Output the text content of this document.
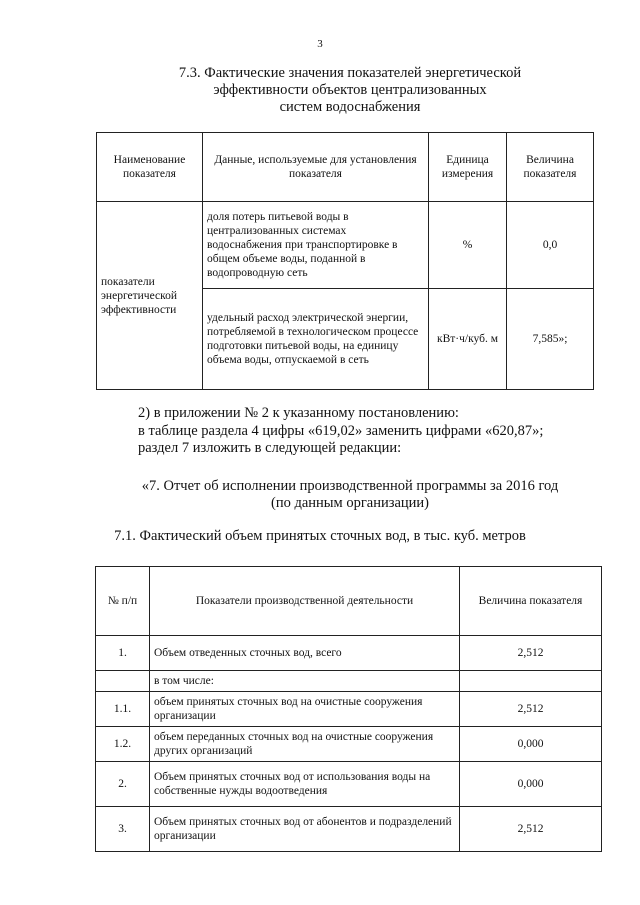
3
7.3. Фактические значения показателей энергетической
эффективности объектов централизованных
систем водоснабжения
Наименование показателя	Данные, используемые для установления показателя	Единица измерения	Величина показателя
показатели энергетической эффективности	доля потерь питьевой воды в централизованных системах водоснабжения при транспортировке в общем объеме воды, поданной в водопроводную сеть	%	0,0
	удельный расход электрической энергии, потребляемой в технологическом процессе подготовки питьевой воды, на единицу объема воды, отпускаемой в сеть	кВт·ч/куб. м	7,585»;
2) в приложении № 2 к указанному постановлению:
в таблице раздела 4 цифры «619,02» заменить цифрами «620,87»;
раздел 7 изложить в следующей редакции:
«7. Отчет об исполнении производственной программы за 2016 год
(по данным организации)
7.1. Фактический объем принятых сточных вод, в тыс. куб. метров
№ п/п	Показатели производственной деятельности	Величина показателя
1.	Объем отведенных сточных вод, всего	2,512
	в том числе:	
1.1.	объем принятых сточных вод на очистные сооружения организации	2,512
1.2.	объем переданных сточных вод на очистные сооружения других организаций	0,000
2.	Объем принятых сточных вод от использования воды на собственные нужды водоотведения	0,000
3.	Объем принятых сточных вод от абонентов и подразделений организации	2,512
